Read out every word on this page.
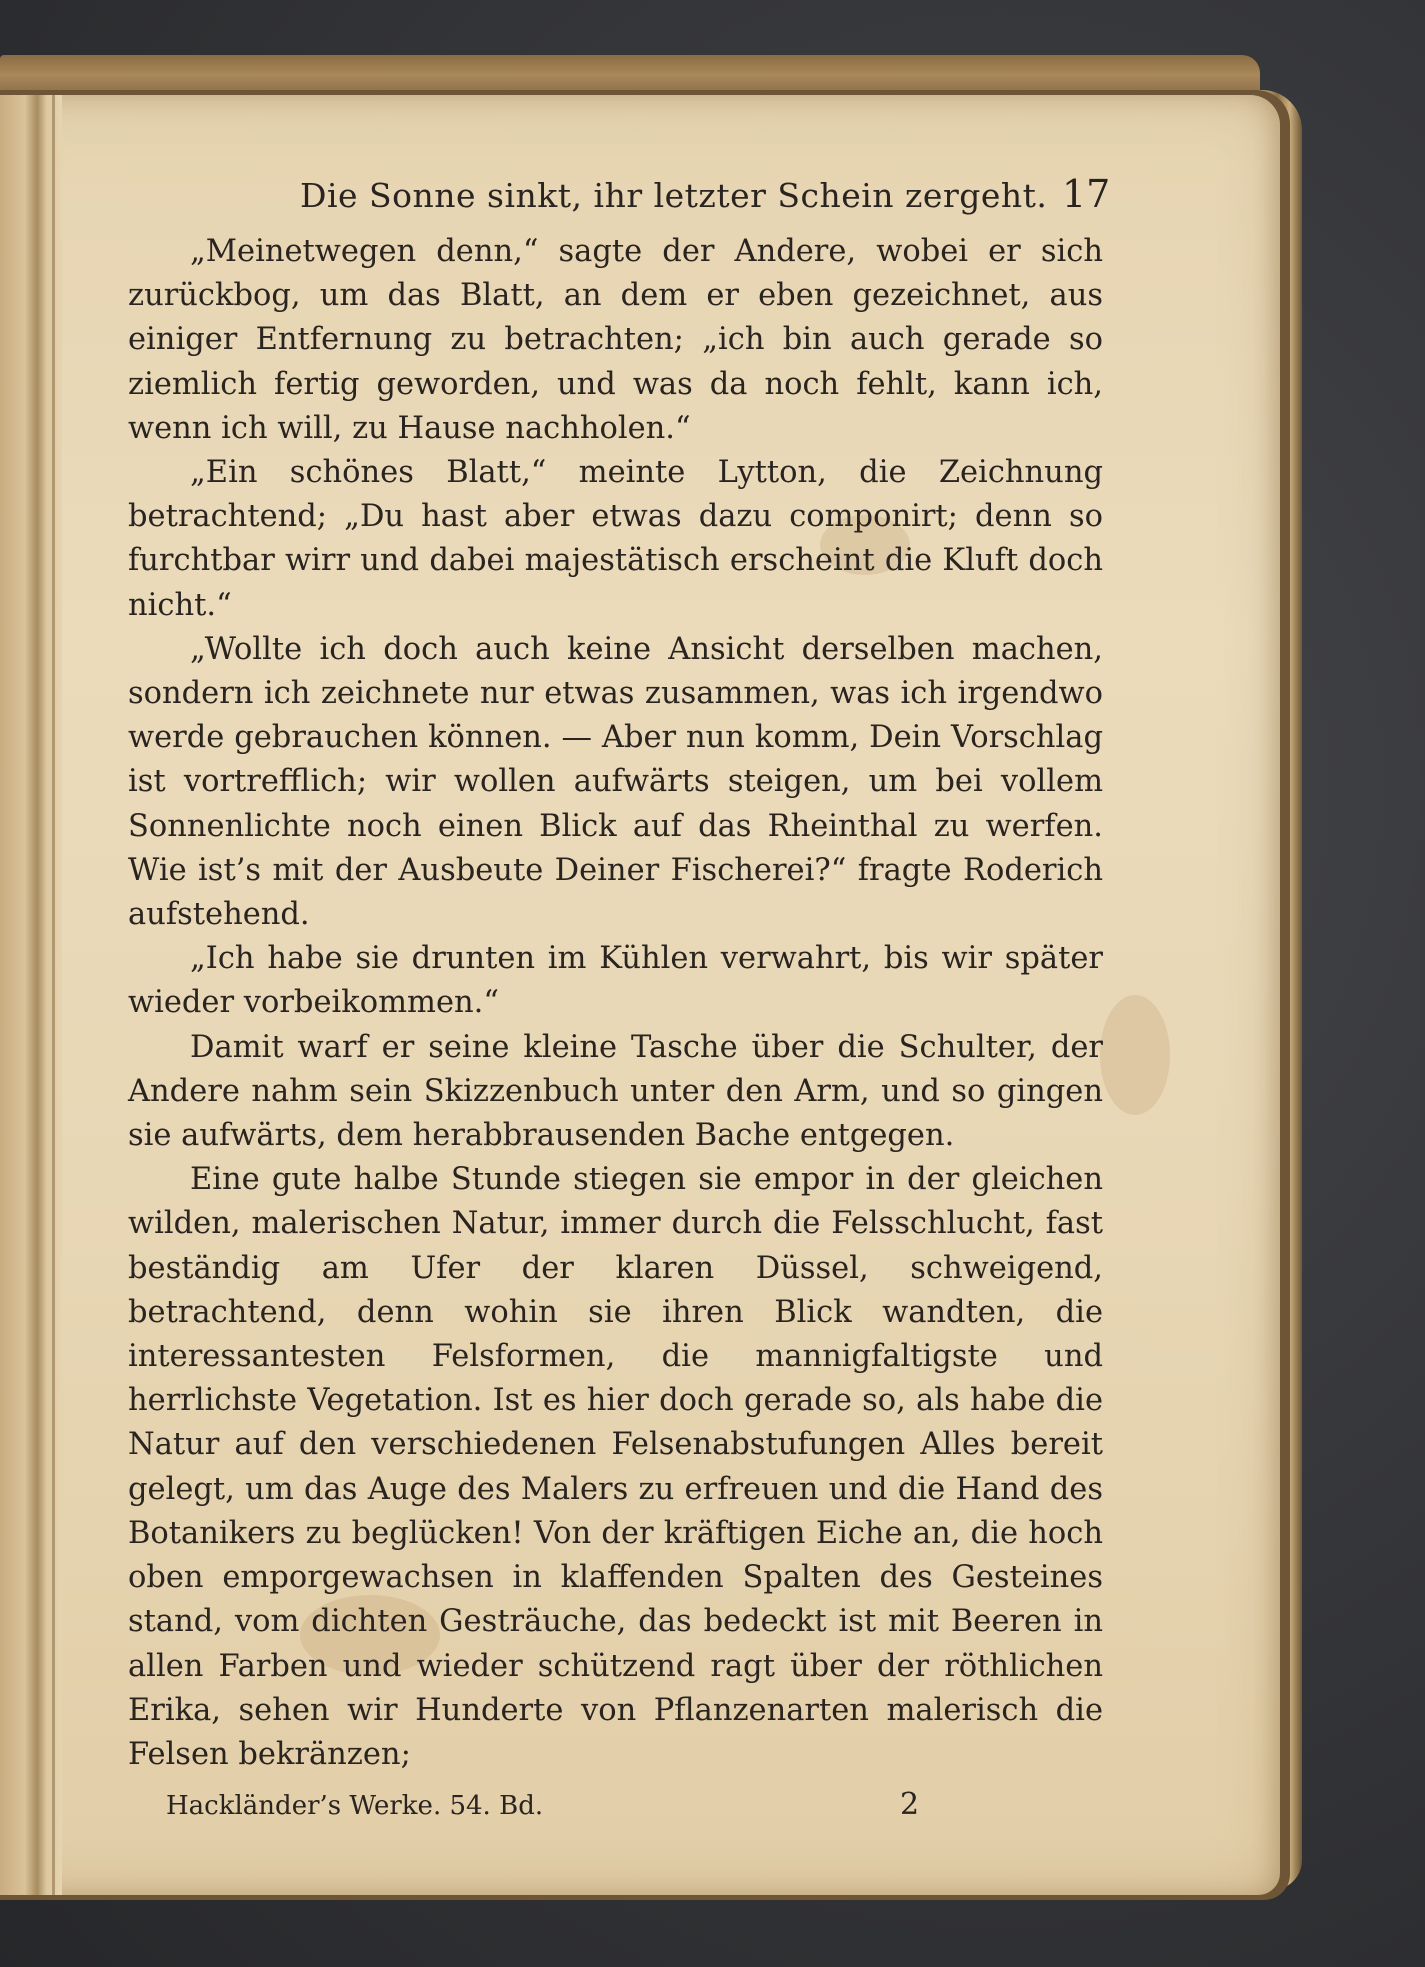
Die Sonne sinkt, ihr letzter Schein zergeht. 17

„Meinetwegen denn,“ sagte der Andere, wobei er sich zurückbog, um das Blatt, an dem er eben gezeichnet, aus einiger Entfernung zu betrachten; „ich bin auch gerade so ziemlich fertig geworden, und was da noch fehlt, kann ich, wenn ich will, zu Hause nachholen.“

„Ein schönes Blatt,“ meinte Lytton, die Zeichnung betrachtend; „Du hast aber etwas dazu componirt; denn so furchtbar wirr und dabei majestätisch erscheint die Kluft doch nicht.“

„Wollte ich doch auch keine Ansicht derselben machen, sondern ich zeichnete nur etwas zusammen, was ich irgendwo werde gebrauchen können. — Aber nun komm, Dein Vorschlag ist vortrefflich; wir wollen aufwärts steigen, um bei vollem Sonnenlichte noch einen Blick auf das Rheinthal zu werfen. Wie ist’s mit der Ausbeute Deiner Fischerei?“ fragte Roderich aufstehend.

„Ich habe sie drunten im Kühlen verwahrt, bis wir später wieder vorbeikommen.“

Damit warf er seine kleine Tasche über die Schulter, der Andere nahm sein Skizzenbuch unter den Arm, und so gingen sie aufwärts, dem herabbrausenden Bache entgegen.

Eine gute halbe Stunde stiegen sie empor in der gleichen wilden, malerischen Natur, immer durch die Felsschlucht, fast beständig am Ufer der klaren Düssel, schweigend, betrachtend, denn wohin sie ihren Blick wandten, die interessantesten Felsformen, die mannigfaltigste und herrlichste Vegetation. Ist es hier doch gerade so, als habe die Natur auf den verschiedenen Felsenabstufungen Alles bereit gelegt, um das Auge des Malers zu erfreuen und die Hand des Botanikers zu beglücken! Von der kräftigen Eiche an, die hoch oben emporgewachsen in klaffenden Spalten des Gesteines stand, vom dichten Gesträuche, das bedeckt ist mit Beeren in allen Farben und wieder schützend ragt über der röthlichen Erika, sehen wir Hunderte von Pflanzenarten malerisch die Felsen bekränzen;

Hackländer’s Werke. 54. Bd.	2
